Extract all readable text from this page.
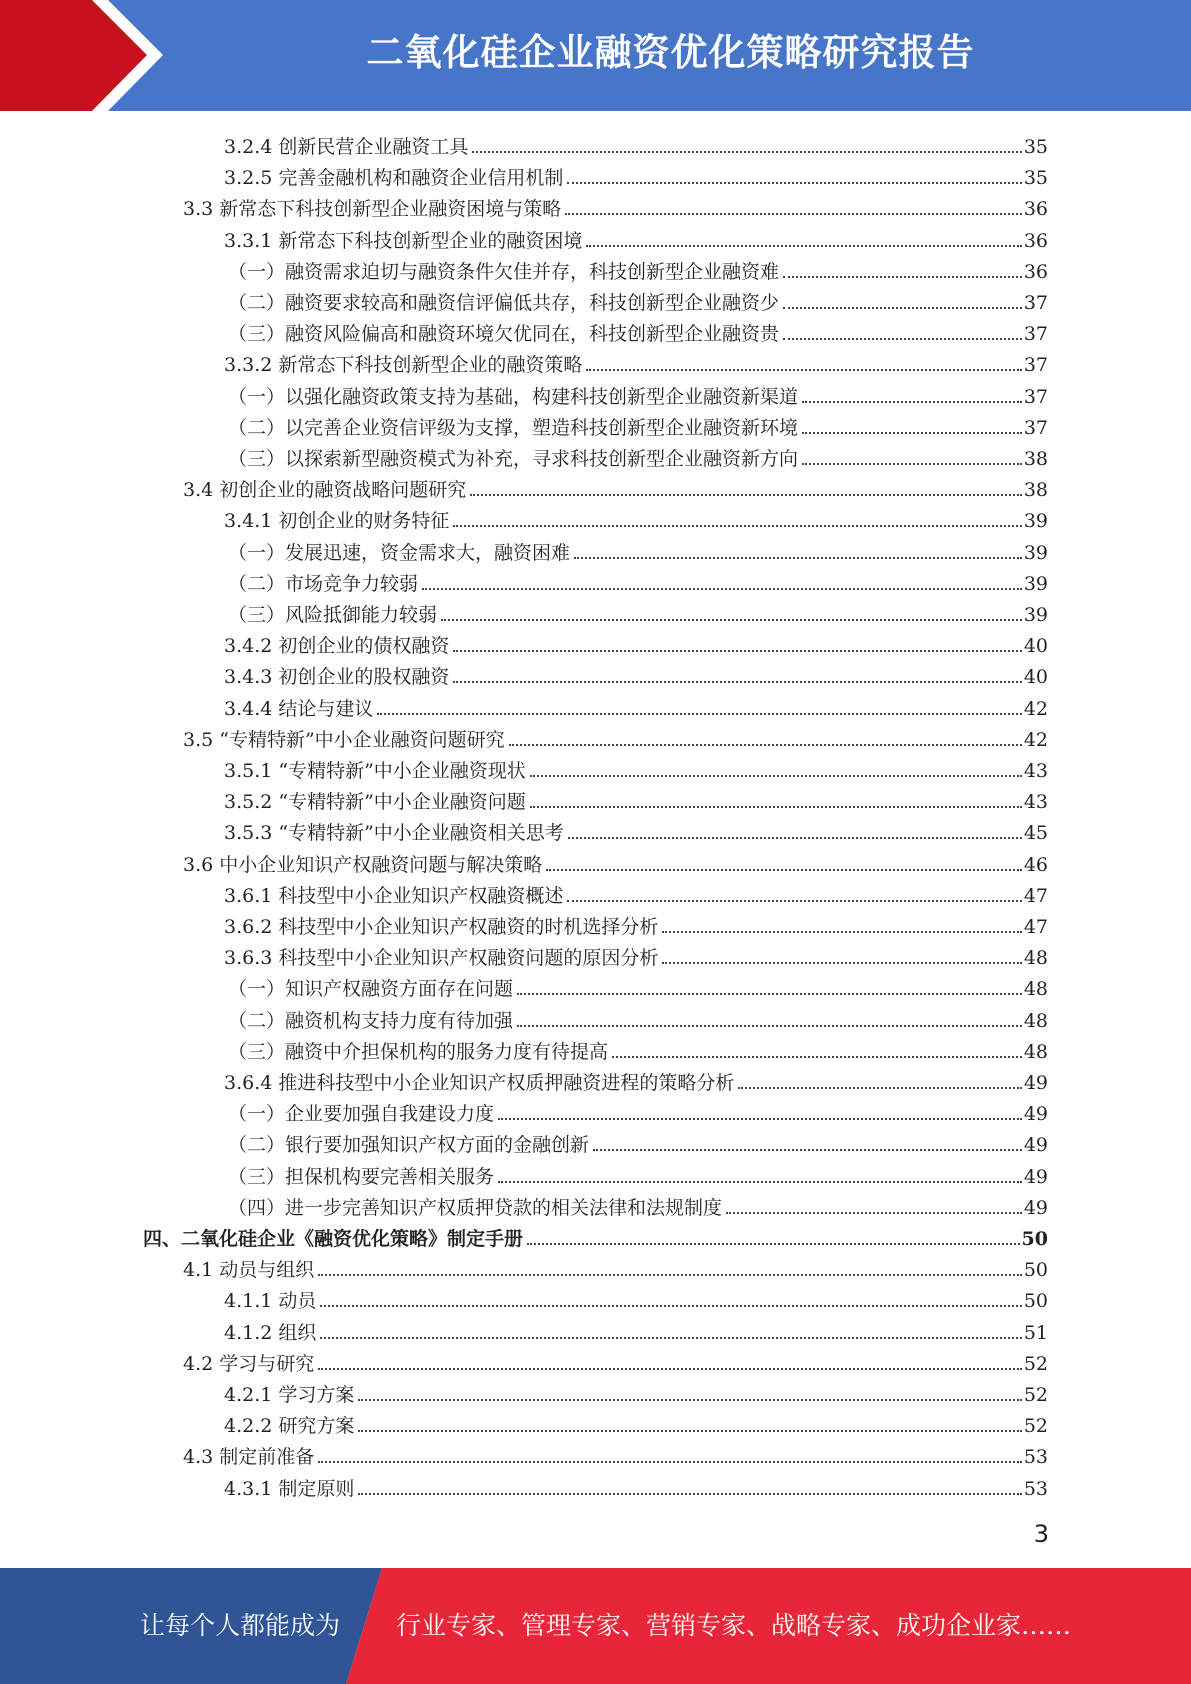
二氧化硅企业融资优化策略研究报告
3.2.4 创新民营企业融资工具	35
3.2.5 完善金融机构和融资企业信用机制	35
3.3 新常态下科技创新型企业融资困境与策略	36
3.3.1 新常态下科技创新型企业的融资困境	36
（一）融资需求迫切与融资条件欠佳并存，科技创新型企业融资难	36
（二）融资要求较高和融资信评偏低共存，科技创新型企业融资少	37
（三）融资风险偏高和融资环境欠优同在，科技创新型企业融资贵	37
3.3.2 新常态下科技创新型企业的融资策略	37
（一）以强化融资政策支持为基础，构建科技创新型企业融资新渠道	37
（二）以完善企业资信评级为支撑，塑造科技创新型企业融资新环境	37
（三）以探索新型融资模式为补充，寻求科技创新型企业融资新方向	38
3.4 初创企业的融资战略问题研究	38
3.4.1 初创企业的财务特征	39
（一）发展迅速，资金需求大，融资困难	39
（二）市场竞争力较弱	39
（三）风险抵御能力较弱	39
3.4.2 初创企业的债权融资	40
3.4.3 初创企业的股权融资	40
3.4.4 结论与建议	42
3.5 “专精特新”中小企业融资问题研究	42
3.5.1 “专精特新”中小企业融资现状	43
3.5.2 “专精特新”中小企业融资问题	43
3.5.3 “专精特新”中小企业融资相关思考	45
3.6 中小企业知识产权融资问题与解决策略	46
3.6.1 科技型中小企业知识产权融资概述	47
3.6.2 科技型中小企业知识产权融资的时机选择分析	47
3.6.3 科技型中小企业知识产权融资问题的原因分析	48
（一）知识产权融资方面存在问题	48
（二）融资机构支持力度有待加强	48
（三）融资中介担保机构的服务力度有待提高	48
3.6.4 推进科技型中小企业知识产权质押融资进程的策略分析	49
（一）企业要加强自我建设力度	49
（二）银行要加强知识产权方面的金融创新	49
（三）担保机构要完善相关服务	49
（四）进一步完善知识产权质押贷款的相关法律和法规制度	49
四、二氧化硅企业《融资优化策略》制定手册	50
4.1 动员与组织	50
4.1.1 动员	50
4.1.2 组织	51
4.2 学习与研究	52
4.2.1 学习方案	52
4.2.2 研究方案	52
4.3 制定前准备	53
4.3.1 制定原则	53
3
让每个人都能成为 行业专家、管理专家、营销专家、战略专家、成功企业家……
